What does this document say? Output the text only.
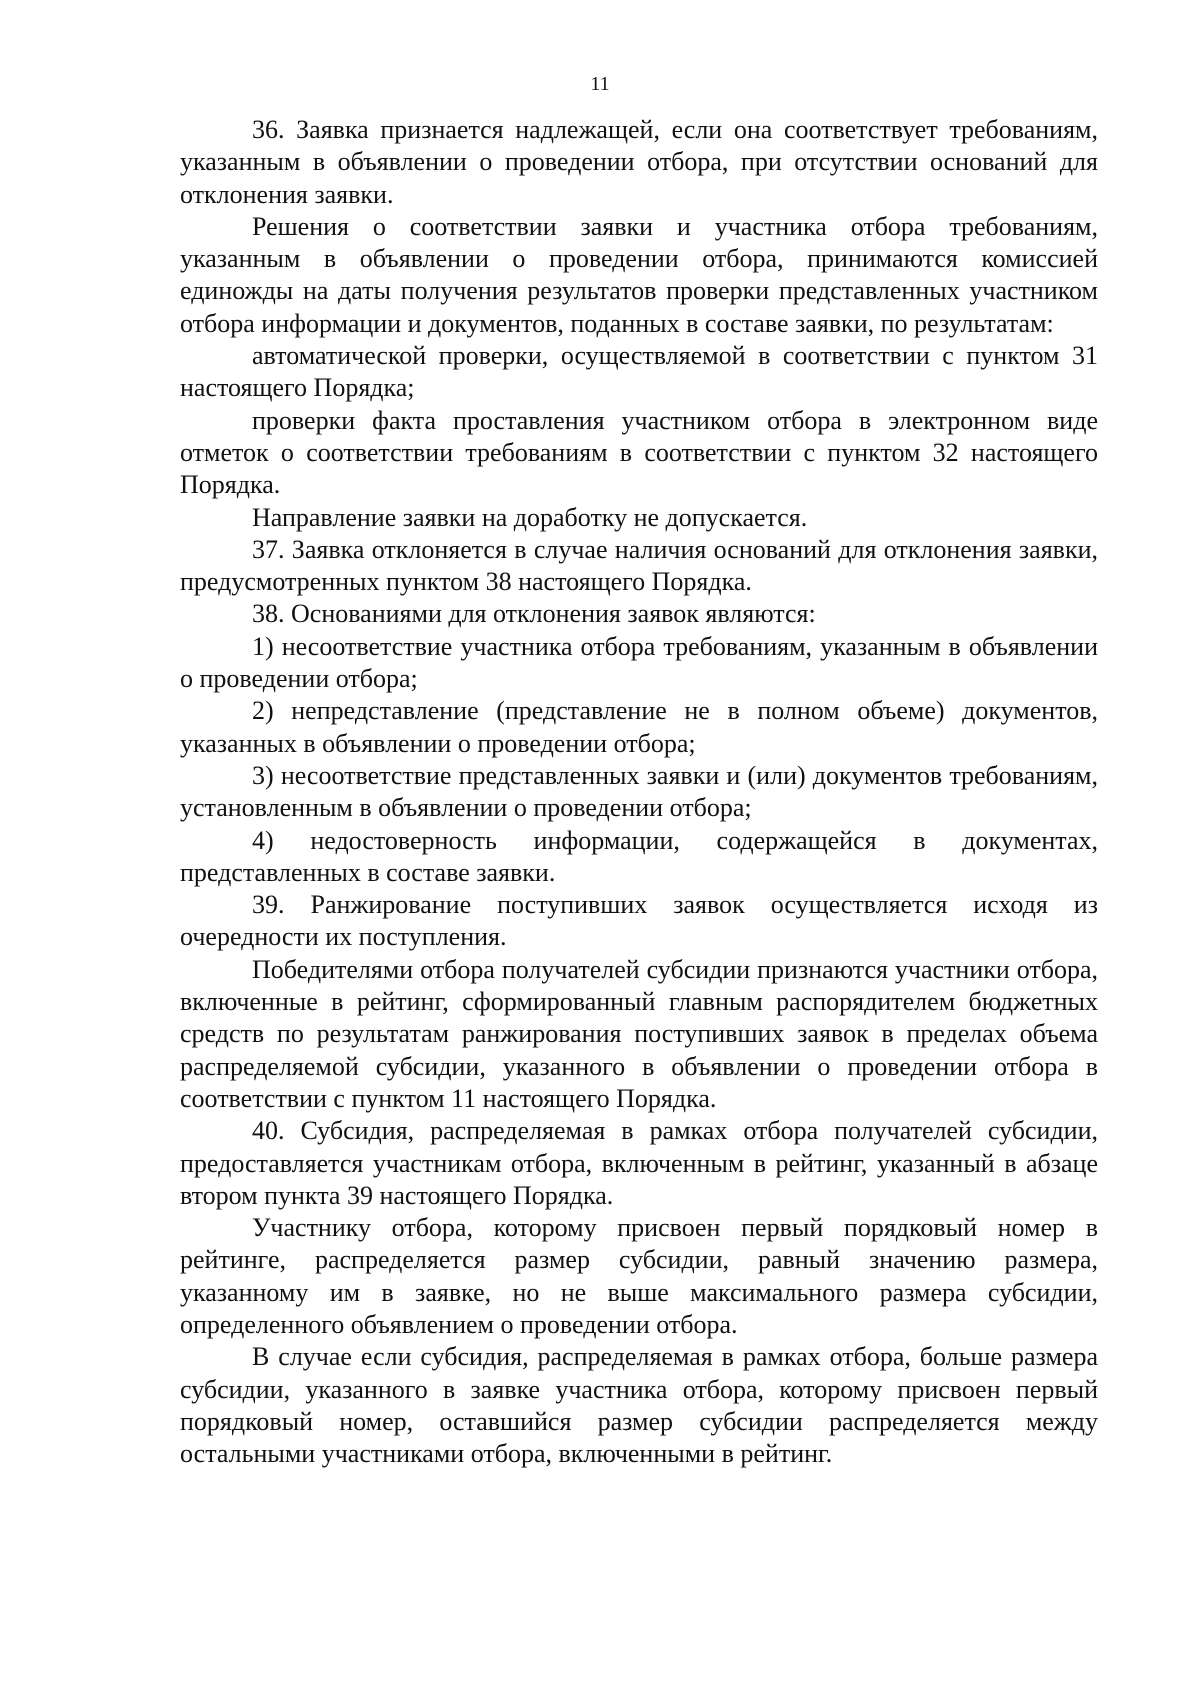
11

36. Заявка признается надлежащей, если она соответствует требованиям, указанным в объявлении о проведении отбора, при отсутствии оснований для отклонения заявки.

Решения о соответствии заявки и участника отбора требованиям, указанным в объявлении о проведении отбора, принимаются комиссией единожды на даты получения результатов проверки представленных участником отбора информации и документов, поданных в составе заявки, по результатам:

автоматической проверки, осуществляемой в соответствии с пунктом 31 настоящего Порядка;

проверки факта проставления участником отбора в электронном виде отметок о соответствии требованиям в соответствии с пунктом 32 настоящего Порядка.

Направление заявки на доработку не допускается.

37. Заявка отклоняется в случае наличия оснований для отклонения заявки, предусмотренных пунктом 38 настоящего Порядка.

38. Основаниями для отклонения заявок являются:

1) несоответствие участника отбора требованиям, указанным в объявлении о проведении отбора;

2) непредставление (представление не в полном объеме) документов, указанных в объявлении о проведении отбора;

3) несоответствие представленных заявки и (или) документов требованиям, установленным в объявлении о проведении отбора;

4) недостоверность информации, содержащейся в документах, представленных в составе заявки.

39. Ранжирование поступивших заявок осуществляется исходя из очередности их поступления.

Победителями отбора получателей субсидии признаются участники отбора, включенные в рейтинг, сформированный главным распорядителем бюджетных средств по результатам ранжирования поступивших заявок в пределах объема распределяемой субсидии, указанного в объявлении о проведении отбора в соответствии с пунктом 11 настоящего Порядка.

40. Субсидия, распределяемая в рамках отбора получателей субсидии, предоставляется участникам отбора, включенным в рейтинг, указанный в абзаце втором пункта 39 настоящего Порядка.

Участнику отбора, которому присвоен первый порядковый номер в рейтинге, распределяется размер субсидии, равный значению размера, указанному им в заявке, но не выше максимального размера субсидии, определенного объявлением о проведении отбора.

В случае если субсидия, распределяемая в рамках отбора, больше размера субсидии, указанного в заявке участника отбора, которому присвоен первый порядковый номер, оставшийся размер субсидии распределяется между остальными участниками отбора, включенными в рейтинг.
